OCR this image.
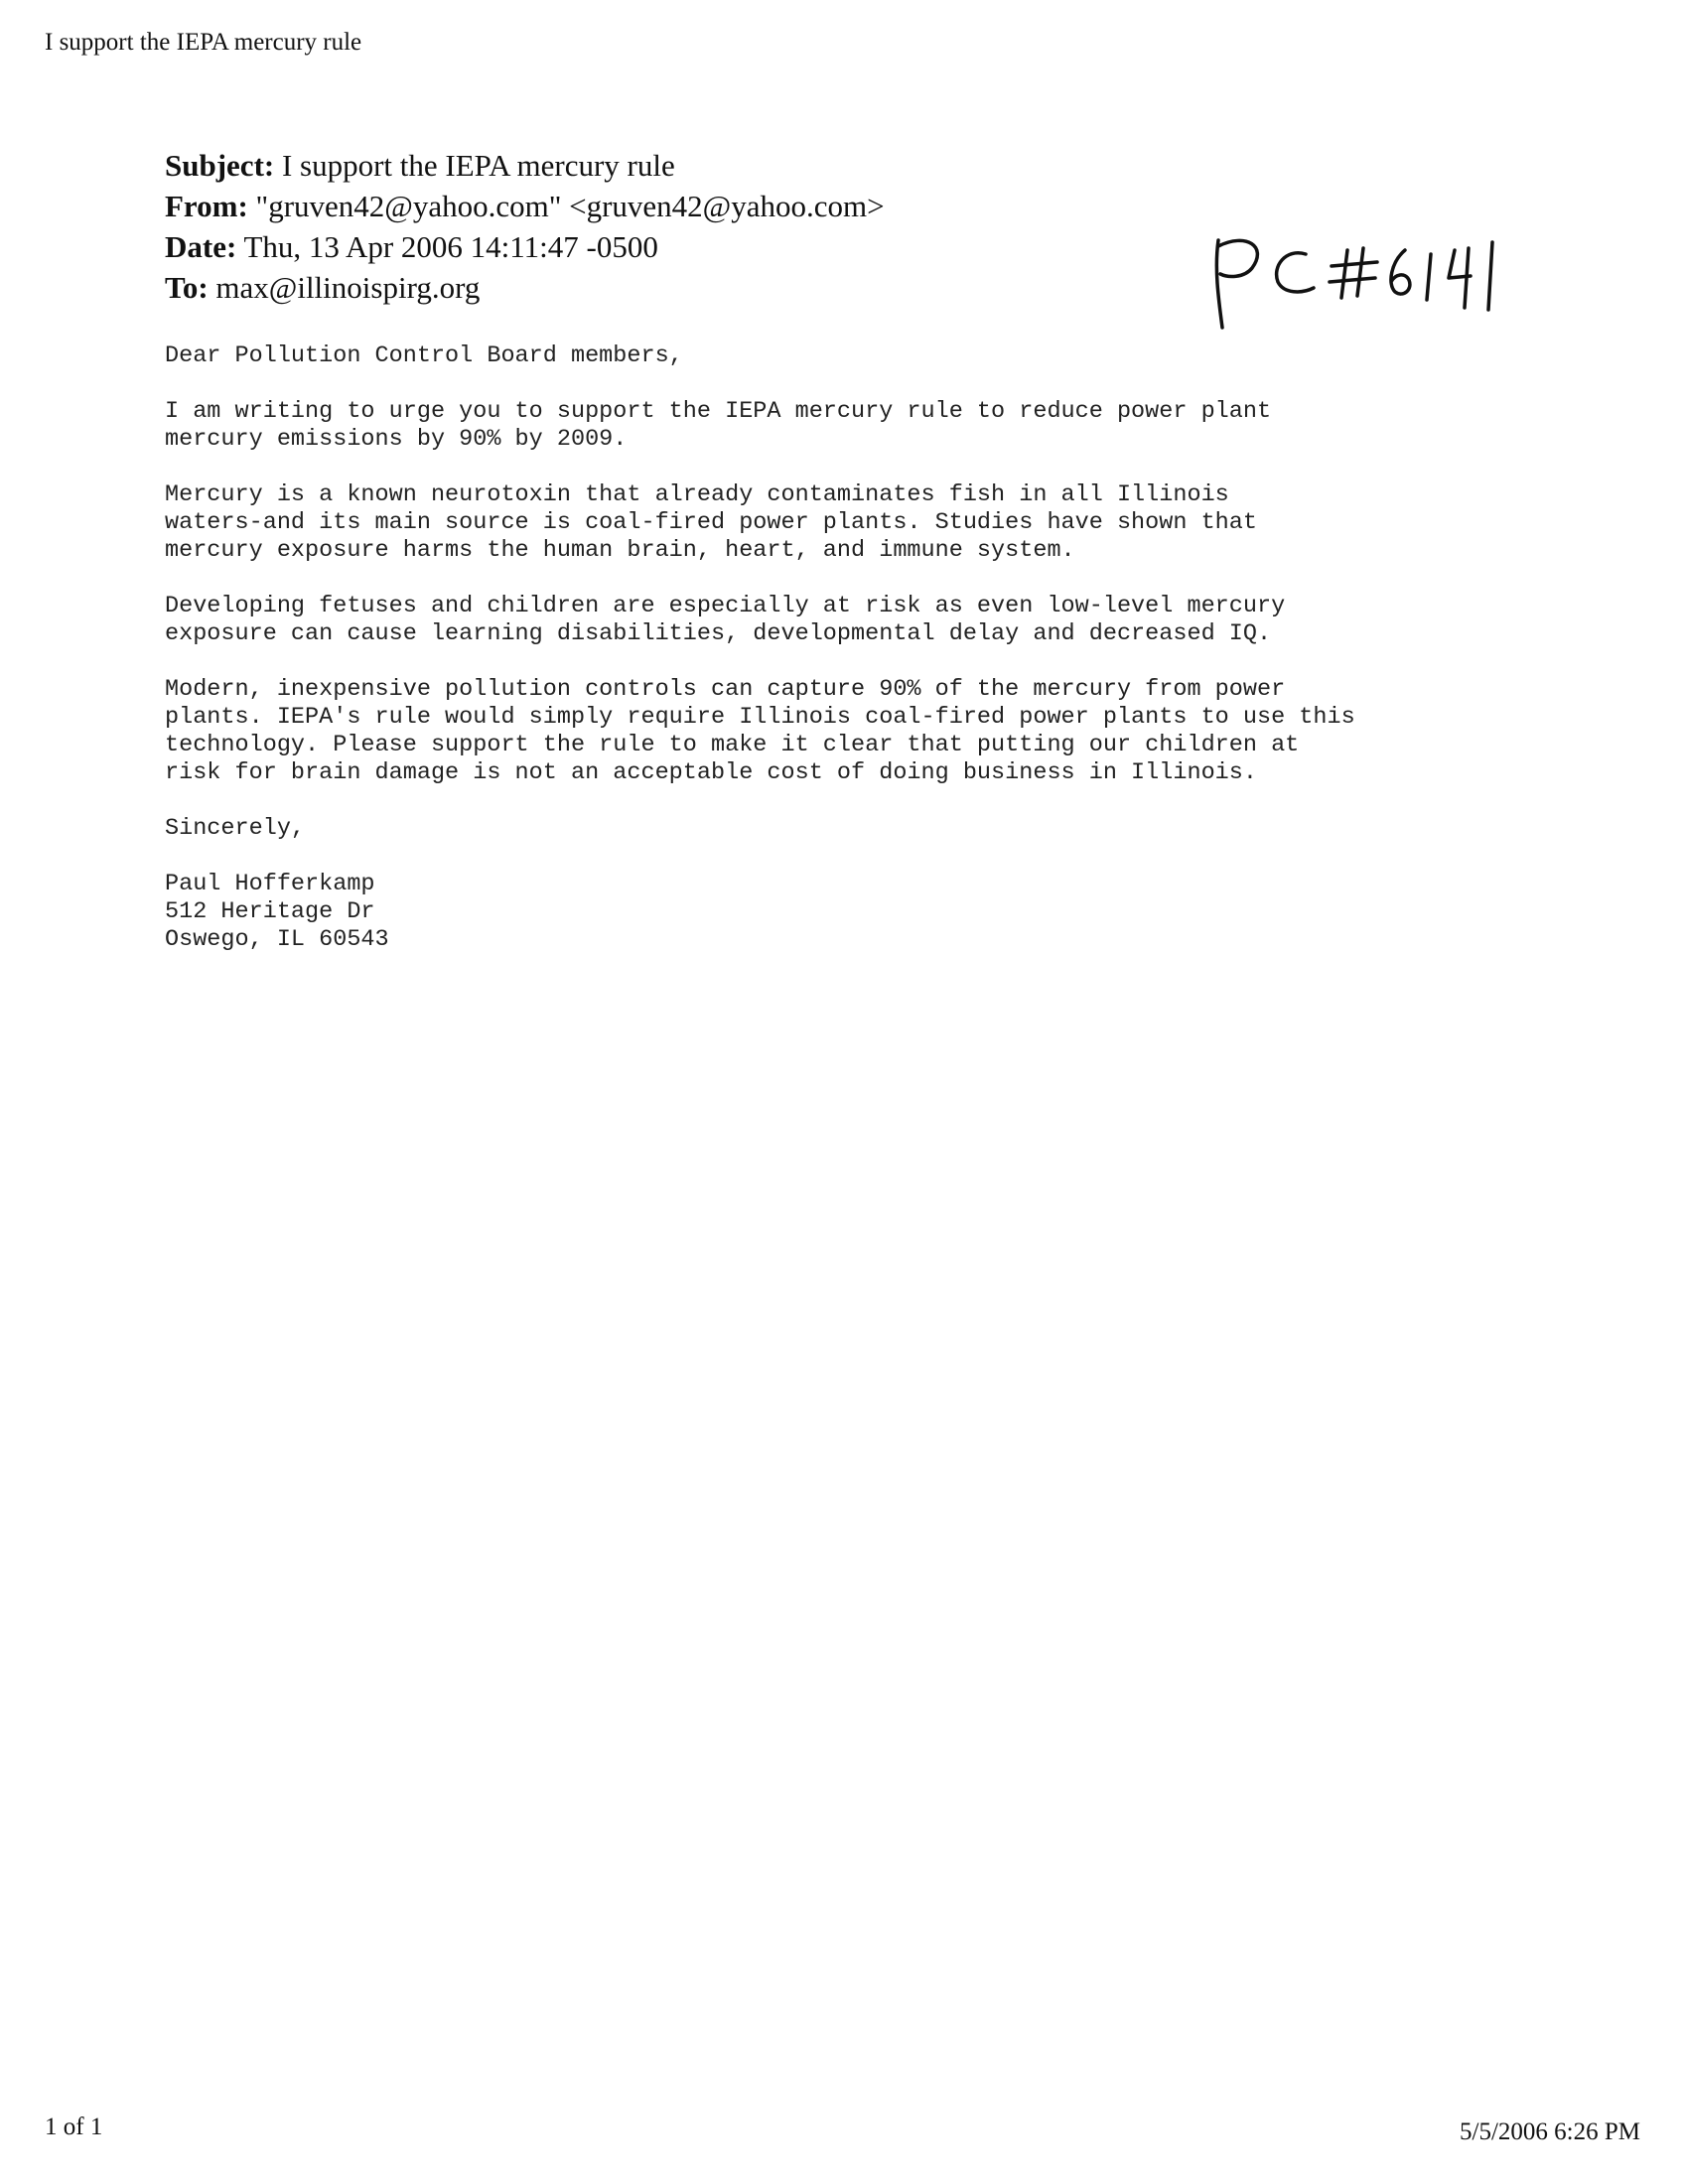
I support the IEPA mercury rule
Subject: I support the IEPA mercury rule
From: "gruven42@yahoo.com" <gruven42@yahoo.com>
Date: Thu, 13 Apr 2006 14:11:47 -0500
To: max@illinoispirg.org

Dear Pollution Control Board members,

I am writing to urge you to support the IEPA mercury rule to reduce power plant
mercury emissions by 90% by 2009.

Mercury is a known neurotoxin that already contaminates fish in all Illinois
waters-and its main source is coal-fired power plants. Studies have shown that
mercury exposure harms the human brain, heart, and immune system.

Developing fetuses and children are especially at risk as even low-level mercury
exposure can cause learning disabilities, developmental delay and decreased IQ.

Modern, inexpensive pollution controls can capture 90% of the mercury from power
plants. IEPA's rule would simply require Illinois coal-fired power plants to use this
technology. Please support the rule to make it clear that putting our children at
risk for brain damage is not an acceptable cost of doing business in Illinois.

Sincerely,

Paul Hofferkamp
512 Heritage Dr
Oswego, IL 60543
1 of 1	5/5/2006 6:26 PM
